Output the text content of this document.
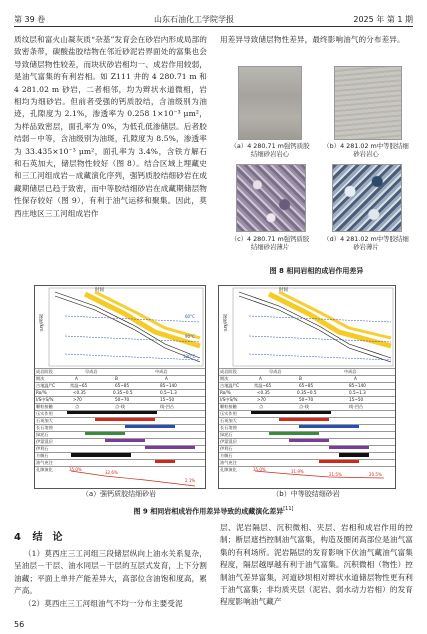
第 39 卷	山东石油化工学院学报	2025 年 第 1 期

质纹层和富火山凝灰质“杂基”发育会在砂岩内形成局部的致密条带，碳酸盐胶结物在邻近砂泥岩界面处的富集也会导致储层物性较差，而块状砂岩相均一、成岩作用较弱，是油气富集的有利岩相。如 Z111 井的 4 280.71 m 和 4 281.02 m 砂岩，二者相邻，均为辫状水道微相，岩相均为细砂岩。但前者受强的钙质胶结，含油级别为油迹，孔隙度为 2.1%，渗透率为 0.258 1×10⁻³ μm²，为样品致密层，面孔率为 0%，为低孔低渗储层。后者胶结弱－中等，含油级别为油斑，孔隙度为 8.5%，渗透率为 33.435×10⁻³ μm²，面孔率为 3.4%，含铁方解石和石英加大，储层物性较好（图 8）。结合区域上埋藏史和三工河组成岩－成藏演化序列，强钙质胶结细砂岩在成藏期储层已趋于致密，而中等胶结细砂岩在成藏期储层物性保存较好（图 9），有利于油气运移和聚集。因此，莫西庄地区三工河组成岩作

用差异导致储层物性差异，最终影响油气的分布差异。

（a）4 280.71 m强钙质胶结细砂岩岩心
（b）4 281.02 m中等胶结细砂岩岩心
（c）4 280.71 m强钙质胶结细砂岩薄片
（d）4 281.02 m中等胶结细砂岩薄片
图 8 相同岩相的成岩作用差异
深度/km
时间
60°C
90°C
120°C
成岩阶段	早成岩	中成岩
期次	A	B	A
古地温/°C	常温~65	65~85	85~140
Ro/%	<0.35	0.35~0.5	0.5~1.3
I/S中S/%	>70	50~70	15~50
颗粒接触	点	点-线	线-凹凸
压实作用
石英加大
长石溶蚀
绿泥石
伊蒙混层
伊利石
方解石
油气充注
孔隙演化	35.0%
32.6%
2.1%
深度/km
时间
成岩阶段	早成岩	中成岩
期次	A	B	A
古地温/°C	常温~65	65~85	85~140
Ro/%	<0.35	0.35~0.5	0.5~1.3
I/S中S/%	>70	50~70	15~50
颗粒接触	点	点-线	线-凹凸
压实作用
石英加大
长石溶蚀
绿泥石
伊蒙混层
伊利石
方解石
油气充注
孔隙演化	35.0%	31.9%
21.5%	20.5%
（a）强钙质胶结细砂岩	（b）中等胶结细砂岩
图 9 相同岩相成岩作用差异导致的成藏演化差异[11]
4 结　论

（1）莫西庄三工河组三段储层纵向上油水关系复杂，呈油层－干层、油水同层－干层的互层式发育，上下分割油藏；平面上单井产能差异大，高部位含油饱和度高，累产高。

（2）莫西庄三工河组油气不均一分布主要受泥

层、泥岩隔层、沉积微相、夹层、岩相和成岩作用的控制；断层遮挡控制油气富集，构造及圈闭高部位是油气富集的有利场所。泥岩隔层的发育影响下伏油气藏油气富集程度，隔层越厚越有利于油气富集。沉积微相（物性）控制油气差异富集，河道砂坝相对辫状水道储层物性更有利于油气富集；非均质夹层（泥岩、弱水动力岩相）的发育程度影响油气藏产

56
